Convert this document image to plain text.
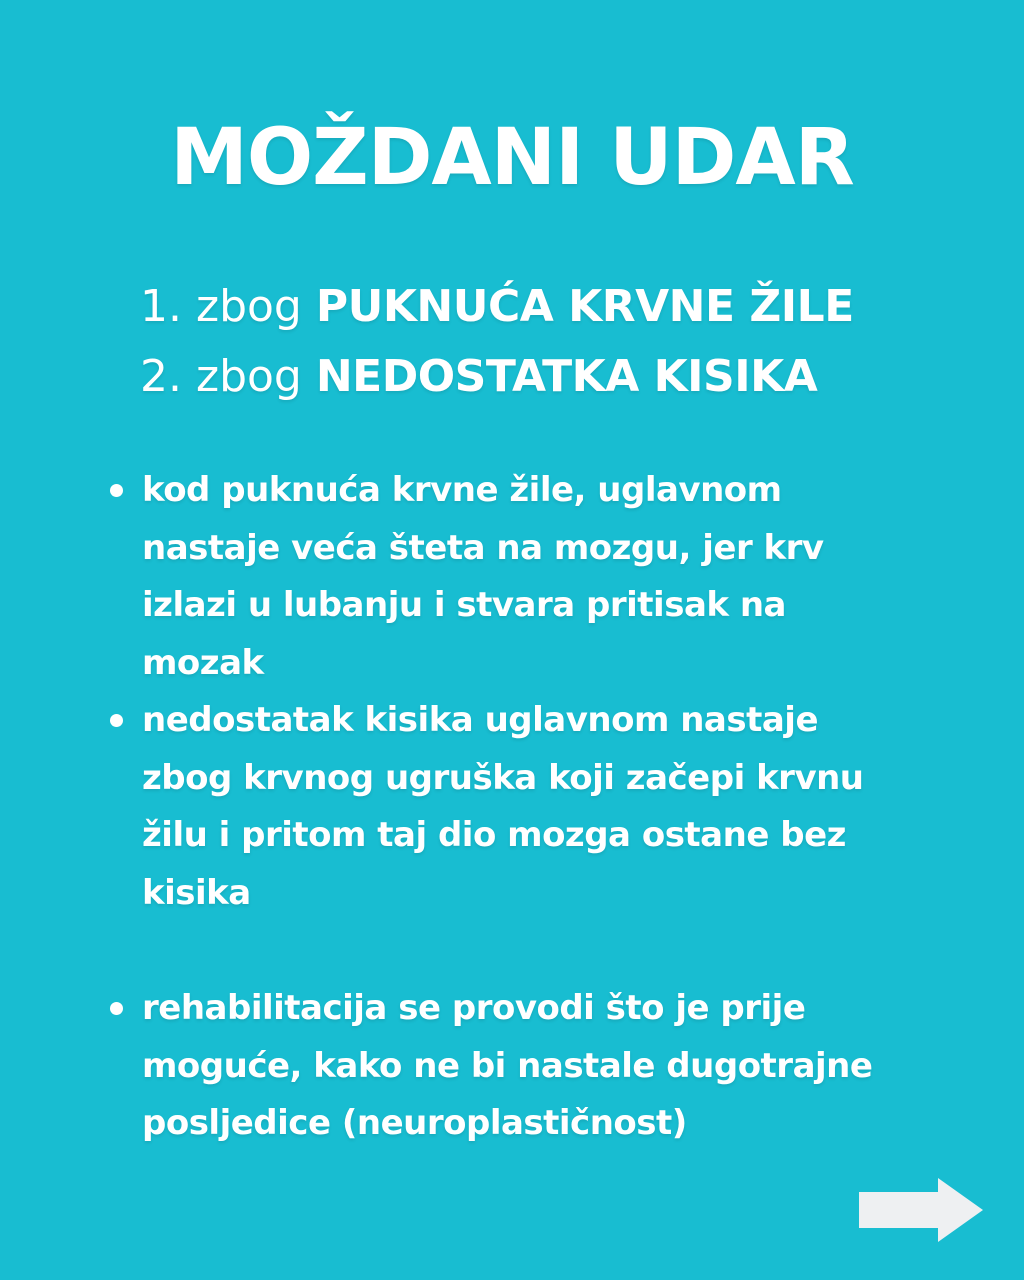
MOŽDANI UDAR
1. zbog PUKNUĆA KRVNE ŽILE
2. zbog NEDOSTATKA KISIKA
kod puknuća krvne žile, uglavnom
nastaje veća šteta na mozgu, jer krv
izlazi u lubanju i stvara pritisak na
mozak
nedostatak kisika uglavnom nastaje
zbog krvnog ugruška koji začepi krvnu
žilu i pritom taj dio mozga ostane bez
kisika
rehabilitacija se provodi što je prije
moguće, kako ne bi nastale dugotrajne
posljedice (neuroplastičnost)
